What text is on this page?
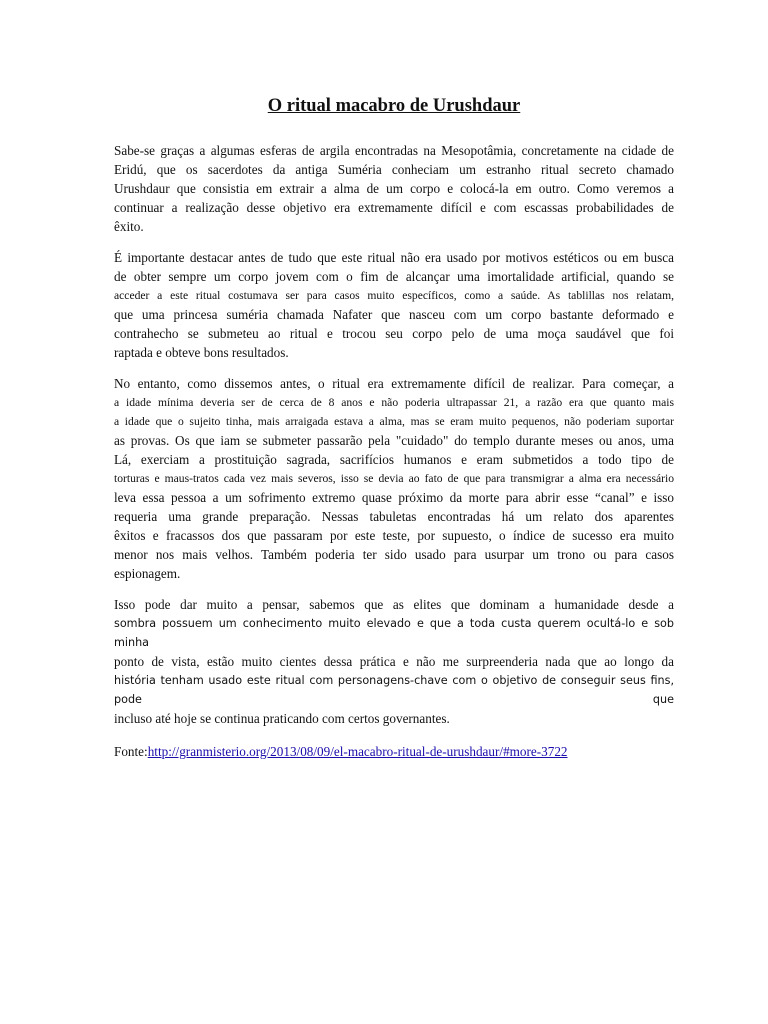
O ritual macabro de Urushdaur
Sabe-se graças a algumas esferas de argila encontradas na Mesopotâmia, concretamente na cidade de
Eridú, que os sacerdotes da antiga Suméria conheciam um estranho ritual secreto chamado
Urushdaur que consistia em extrair a alma de um corpo e colocá-la em outro. Como veremos a
continuar a realização desse objetivo era extremamente difícil e com escassas probabilidades de
êxito.
É importante destacar antes de tudo que este ritual não era usado por motivos estéticos ou em busca
de obter sempre um corpo jovem com o fim de alcançar uma imortalidade artificial, quando se
acceder a este ritual costumava ser para casos muito específicos, como a saúde. As tablillas nos relatam,
que uma princesa suméria chamada Nafater que nasceu com um corpo bastante deformado e
contrahecho se submeteu ao ritual e trocou seu corpo pelo de uma moça saudável que foi
raptada e obteve bons resultados.
No entanto, como dissemos antes, o ritual era extremamente difícil de realizar. Para começar, a
a idade mínima deveria ser de cerca de 8 anos e não poderia ultrapassar 21, a razão era que quanto mais
a idade que o sujeito tinha, mais arraigada estava a alma, mas se eram muito pequenos, não poderiam suportar
as provas. Os que iam se submeter passarão pela "cuidado" do templo durante meses ou anos, uma
Lá, exerciam a prostituição sagrada, sacrifícios humanos e eram submetidos a todo tipo de
torturas e maus-tratos cada vez mais severos, isso se devia ao fato de que para transmigrar a alma era necessário
leva essa pessoa a um sofrimento extremo quase próximo da morte para abrir esse “canal” e isso
requeria uma grande preparação. Nessas tabuletas encontradas há um relato dos aparentes
êxitos e fracassos dos que passaram por este teste, por supuesto, o índice de sucesso era muito
menor nos mais velhos. Também poderia ter sido usado para usurpar um trono ou para casos
espionagem.
Isso pode dar muito a pensar, sabemos que as elites que dominam a humanidade desde a
sombra possuem um conhecimento muito elevado e que a toda custa querem ocultá-lo e sob minha
ponto de vista, estão muito cientes dessa prática e não me surpreenderia nada que ao longo da
história tenham usado este ritual com personagens-chave com o objetivo de conseguir seus fins, pode que
incluso até hoje se continua praticando com certos governantes.
Fonte:http://granmisterio.org/2013/08/09/el-macabro-ritual-de-urushdaur/#more-3722
